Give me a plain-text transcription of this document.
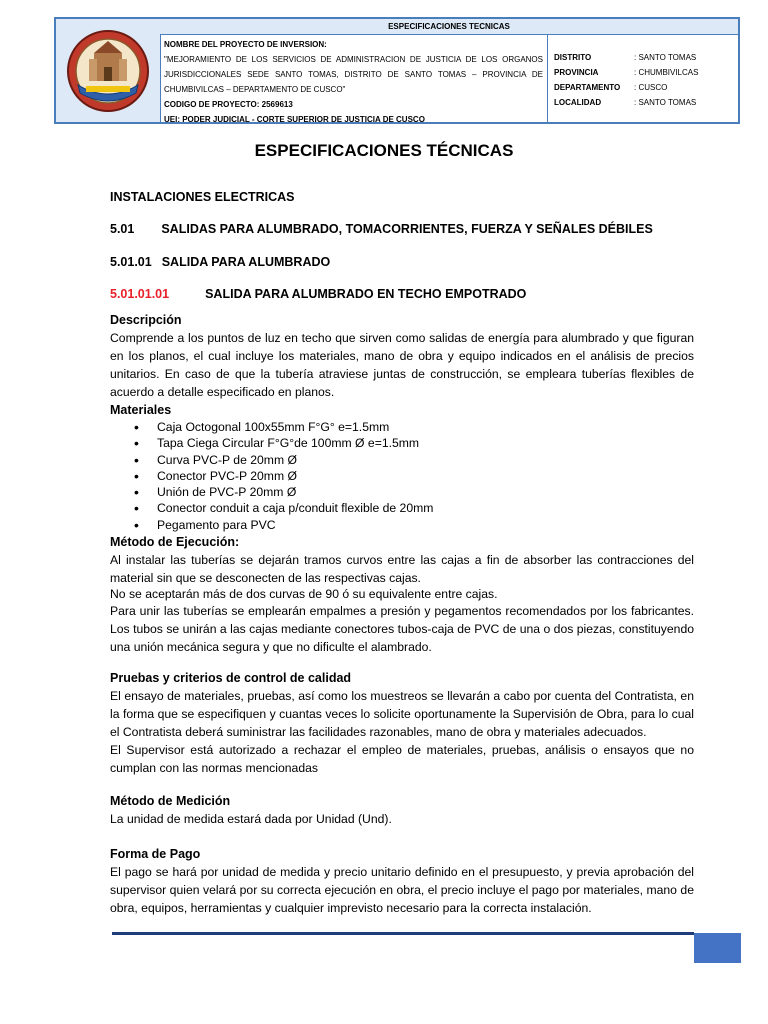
ESPECIFICACIONES TECNICAS
NOMBRE DEL PROYECTO DE INVERSION:
"MEJORAMIENTO DE LOS SERVICIOS DE ADMINISTRACION DE JUSTICIA DE LOS ORGANOS JURISDICCIONALES SEDE SANTO TOMAS, DISTRITO DE SANTO TOMAS – PROVINCIA DE CHUMBIVILCAS – DEPARTAMENTO DE CUSCO"
CODIGO DE PROYECTO: 2569613
UEI: PODER JUDICIAL - CORTE SUPERIOR DE JUSTICIA DE CUSCO
DISTRITO	: SANTO TOMAS
PROVINCIA	: CHUMBIVILCAS
DEPARTAMENTO	: CUSCO
LOCALIDAD	: SANTO TOMAS
ESPECIFICACIONES TÉCNICAS
INSTALACIONES ELECTRICAS
5.01 SALIDAS PARA ALUMBRADO, TOMACORRIENTES, FUERZA Y SEÑALES DÉBILES
5.01.01 SALIDA PARA ALUMBRADO
5.01.01.01	SALIDA PARA ALUMBRADO EN TECHO EMPOTRADO
Descripción

Comprende a los puntos de luz en techo que sirven como salidas de energía para alumbrado y que figuran en los planos, el cual incluye los materiales, mano de obra y equipo indicados en el análisis de precios unitarios. En caso de que la tubería atraviese juntas de construcción, se empleara tuberías flexibles de acuerdo a detalle especificado en planos.

Materiales
• Caja Octogonal 100x55mm F°G° e=1.5mm
• Tapa Ciega Circular F°G°de 100mm Ø e=1.5mm
• Curva PVC-P de 20mm Ø
• Conector PVC-P 20mm Ø
• Unión de PVC-P 20mm Ø
• Conector conduit a caja p/conduit flexible de 20mm
• Pegamento para PVC
Método de Ejecución:

Al instalar las tuberías se dejarán tramos curvos entre las cajas a fin de absorber las contracciones del material sin que se desconecten de las respectivas cajas.

No se aceptarán más de dos curvas de 90 ó su equivalente entre cajas.

Para unir las tuberías se emplearán empalmes a presión y pegamentos recomendados por los fabricantes. Los tubos se unirán a las cajas mediante conectores tubos-caja de PVC de una o dos piezas, constituyendo una unión mecánica segura y que no dificulte el alambrado.

Pruebas y criterios de control de calidad

El ensayo de materiales, pruebas, así como los muestreos se llevarán a cabo por cuenta del Contratista, en la forma que se especifiquen y cuantas veces lo solicite oportunamente la Supervisión de Obra, para lo cual el Contratista deberá suministrar las facilidades razonables, mano de obra y materiales adecuados.

El Supervisor está autorizado a rechazar el empleo de materiales, pruebas, análisis o ensayos que no cumplan con las normas mencionadas

Método de Medición

La unidad de medida estará dada por Unidad (Und).

Forma de Pago

El pago se hará por unidad de medida y precio unitario definido en el presupuesto, y previa aprobación del supervisor quien velará por su correcta ejecución en obra, el precio incluye el pago por materiales, mano de obra, equipos, herramientas y cualquier imprevisto necesario para la correcta instalación.
